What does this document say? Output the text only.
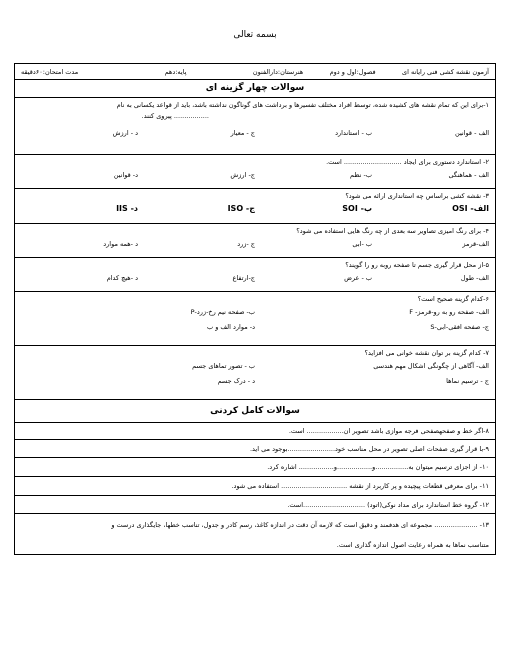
بسمه تعالی
آزمون نقشه کشی فنی رایانه ای
فصول:اول و دوم
هنرستان:دارالفنون
پایه:دهم
مدت امتحان:۶۰دقیقه
سوالات چهار گزینه ای
۱-برای این که تمام نقشه های کشیده شده، توسط افراد مختلف تفسیرها و برداشت های گوناگون نداشته باشد، باید از قواعد یکسانی به نام
................. پیروی کنند.
الف - قوانین
ب - استاندارد
ج - معیار
د - ارزش
۲- استاندارد دستوری برای ایجاد ............................ است.
الف - هماهنگی
ب- نظم
ج- ارزش
د- قوانین
۳- نقشه کشی براساس چه استانداری ارائه می شود؟
الف- OSI
ب- SOI
ج- ISO
د- IIS
۴- برای رنگ امیزی تصاویر سه بعدی از چه رنگ هایی استفاده می شود؟
الف-قرمز
ب -ابی
ج -زرد
د -همه موارد
۵-از محل قرار گیری جسم تا صفحه روبه رو را گویند؟
الف- طول
ب - عرض
ج-ارتفاع
د -هیچ کدام
۶-کدام گزینه صحیح است؟
الف- صفحه رو به رو-قرمز- F
ب- صفحه نیم رخ-زرد-P
ج- صفحه افقی-ابی-S
د- موارد الف و ب
۷- کدام گزینه بر توان نقشه خوانی می افزاید؟
الف- آگاهی از چگونگی اشکال مهم هندسی
ب - تصور تماهای جسم
ج - ترسیم نماها
د - درک جسم
سوالات کامل کردنی
۸-اگر خط و صفحهصفحی فرجه موازی باشد تصویر ان.................. است.
۹-با قرار گیری صفحات اصلی تصویر در محل مناسب خود.......................بوجود می اید.
۱۰- از اجزای ترسیم میتوان به................و.................و................. اشاره کرد.
۱۱- برای معرفی قطعات پیچیده و پر کاربرد از نقشه ................................ استفاده می شود.
۱۲- گروه خط استاندارد برای مداد نوکی(اتود) ..............................است.
۱۳- ..................... مجموعه ای هدفمند و دقیق است که لازمه آن دقت در اندازه کاغذ، رسم کادر و جدول، تناسب خطها، جایگذاری درست و
متناسب نماها به همراه رعایت اصول اندازه گذاری است.
